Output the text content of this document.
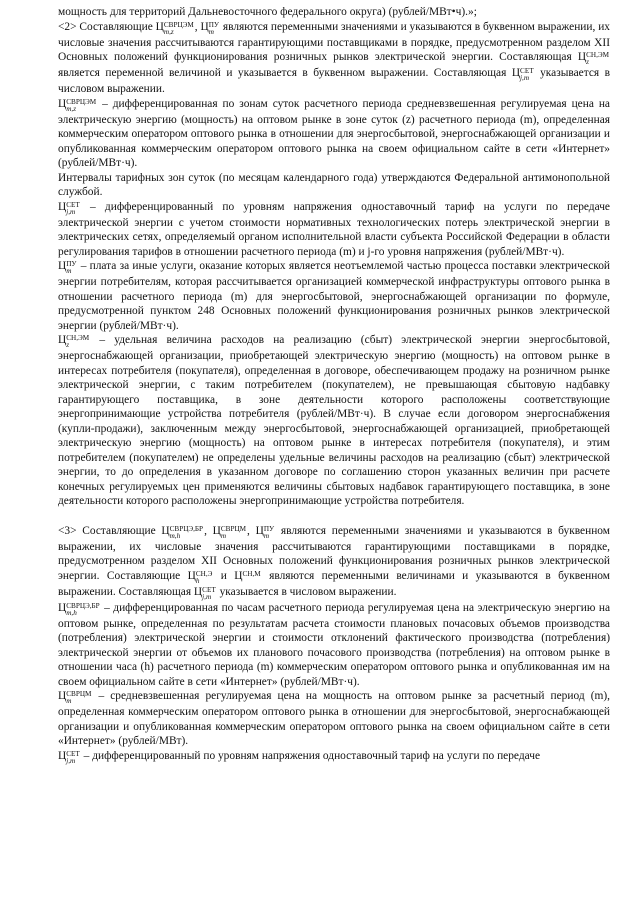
мощность для территорий Дальневосточного федерального округа) (рублей/МВт•ч).»;

<2> Составляющие Ц СВРЦЭМ
m,z	, Ц ПУ
m являются переменными значениями и указываются в буквенном выражении, их числовые значения рассчитываются гарантирующими поставщиками в порядке, предусмотренном разделом XII Основных положений функционирования розничных рынков электрической энергии. Составляющая Ц СН,ЭМ
z
является переменной величиной и указывается в буквенном выражении. Составляющая Ц СЕТ
j,m указывается в числовом выражении.

Ц СВРЦЭМ
m,z	– дифференцированная по зонам суток расчетного периода средневзвешенная регулируемая цена на электрическую энергию (мощность) на оптовом рынке в зоне суток (z) расчетного периода (m), определенная коммерческим оператором оптового рынка в отношении для энергосбытовой, энергоснабжающей организации и опубликованная коммерческим оператором оптового рынка на своем официальном сайте в сети «Интернет» (рублей/МВт·ч).

Интервалы тарифных зон суток (по месяцам календарного года) утверждаются Федеральной антимонопольной службой.

Ц СЕТ
j,m – дифференцированный по уровням напряжения одноставочный тариф на услуги по передаче электрической энергии с учетом стоимости нормативных технологических потерь электрической энергии в электрических сетях, определяемый органом исполнительной власти субъекта Российской Федерации в области регулирования тарифов в отношении расчетного периода (m) и j-го уровня напряжения (рублей/МВт·ч).

Ц ПУ
m – плата за иные услуги, оказание которых является неотъемлемой частью процесса поставки электрической энергии потребителям, которая рассчитывается организацией коммерческой инфраструктуры оптового рынка в отношении расчетного периода (m) для энергосбытовой, энергоснабжающей организации по формуле, предусмотренной пунктом 248 Основных положений функционирования розничных рынков электрической энергии (рублей/МВт·ч).

Ц СН,ЭМ
z	– удельная величина расходов на реализацию (сбыт) электрической энергии энергосбытовой, энергоснабжающей организации, приобретающей электрическую энергию (мощность) на оптовом рынке в интересах потребителя (покупателя), определенная в договоре, обеспечивающем продажу на розничном рынке электрической энергии, с таким потребителем (покупателем), не превышающая сбытовую надбавку гарантирующего поставщика, в зоне деятельности которого расположены соответствующие энергопринимающие устройства потребителя (рублей/МВт·ч). В случае если договором энергоснабжения (купли-продажи), заключенным между энергосбытовой, энергоснабжающей организацией, приобретающей электрическую энергию (мощность) на оптовом рынке в интересах потребителя (покупателя), и этим потребителем (покупателем) не определены удельные величины расходов на реализацию (сбыт) электрической энергии, то до определения в указанном договоре по соглашению сторон указанных величин при расчете конечных регулируемых цен применяются величины сбытовых надбавок гарантирующего поставщика, в зоне деятельности которого расположены энергопринимающие устройства потребителя.

<3> Составляющие Ц СВРЦЭ,БР
m,h	, Ц СВРЦМ
m	, Ц ПУ
m являются переменными значениями и указываются в буквенном выражении, их числовые значения рассчитываются гарантирующими поставщиками в порядке, предусмотренном разделом XII Основных положений функционирования розничных рынков электрической энергии. Составляющие Ц СН,Э
h	и Ц СН,М
являются переменными величинами и указываются в буквенном выражении. Составляющая Ц СЕТ
j,m указывается в числовом выражении.

Ц СВРЦЭ,БР
m,h	– дифференцированная по часам расчетного периода регулируемая цена на электрическую энергию на оптовом рынке, определенная по результатам расчета стоимости плановых почасовых объемов производства (потребления) электрической энергии и стоимости отклонений фактического производства (потребления) электрической энергии от объемов их планового почасового производства (потребления) на оптовом рынке в отношении часа (h) расчетного периода (m) коммерческим оператором оптового рынка и опубликованная им на своем официальном сайте в сети «Интернет» (рублей/МВт·ч).

Ц СВРЦМ
m	– средневзвешенная регулируемая цена на мощность на оптовом рынке за расчетный период (m), определенная коммерческим оператором оптового рынка в отношении для энергосбытовой, энергоснабжающей организации и опубликованная коммерческим оператором оптового рынка на своем официальном сайте в сети «Интернет» (рублей/МВт).

Ц СЕТ
j,m – дифференцированный по уровням напряжения одноставочный тариф на услуги по передаче
